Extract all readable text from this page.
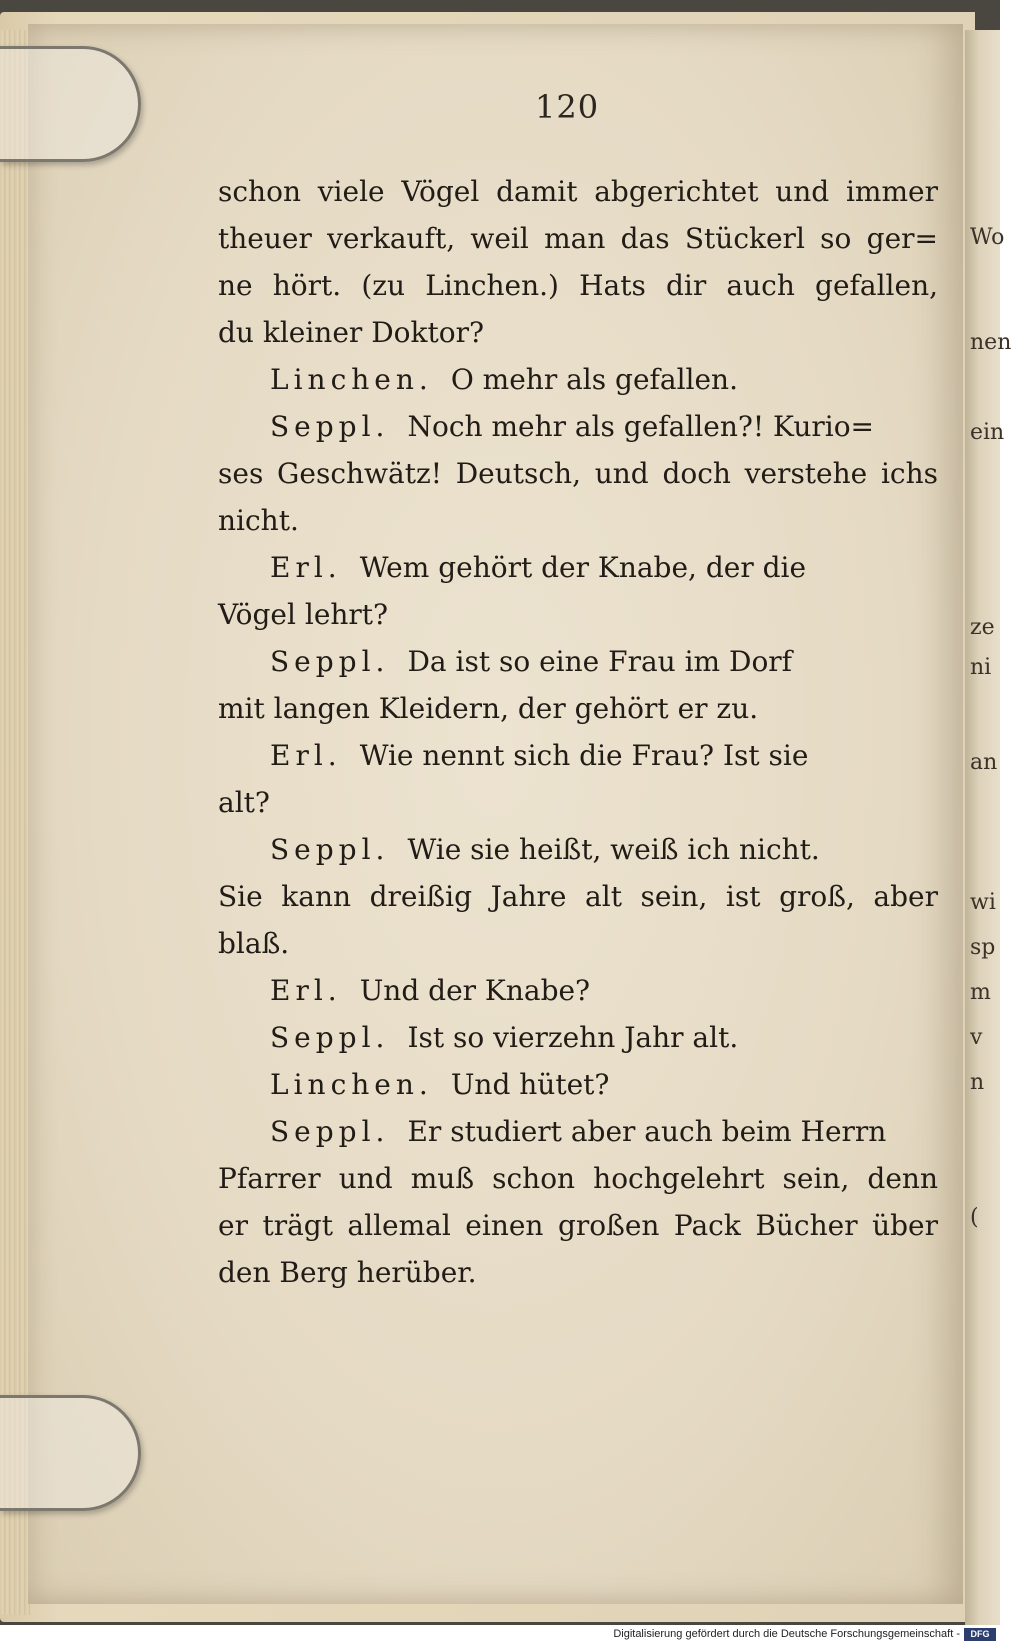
Wo
nen
ein
ze
ni
an
wi
sp
m
v
n
(
120
schon viele Vögel damit abgerichtet und immer
theuer verkauft, weil man das Stückerl so ger=
ne hört. (zu Linchen.) Hats dir auch gefallen,
du kleiner Doktor?
Linchen. O mehr als gefallen.
Seppl. Noch mehr als gefallen?! Kurio=
ses Geschwätz! Deutsch, und doch verstehe ichs
nicht.
Erl. Wem gehört der Knabe, der die
Vögel lehrt?
Seppl. Da ist so eine Frau im Dorf
mit langen Kleidern, der gehört er zu.
Erl. Wie nennt sich die Frau? Ist sie
alt?
Seppl. Wie sie heißt, weiß ich nicht.
Sie kann dreißig Jahre alt sein, ist groß, aber
blaß.
Erl. Und der Knabe?
Seppl. Ist so vierzehn Jahr alt.
Linchen. Und hütet?
Seppl. Er studiert aber auch beim Herrn
Pfarrer und muß schon hochgelehrt sein, denn
er trägt allemal einen großen Pack Bücher über
den Berg herüber.
Digitalisierung gefördert durch die Deutsche Forschungsgemeinschaft -	DFG
